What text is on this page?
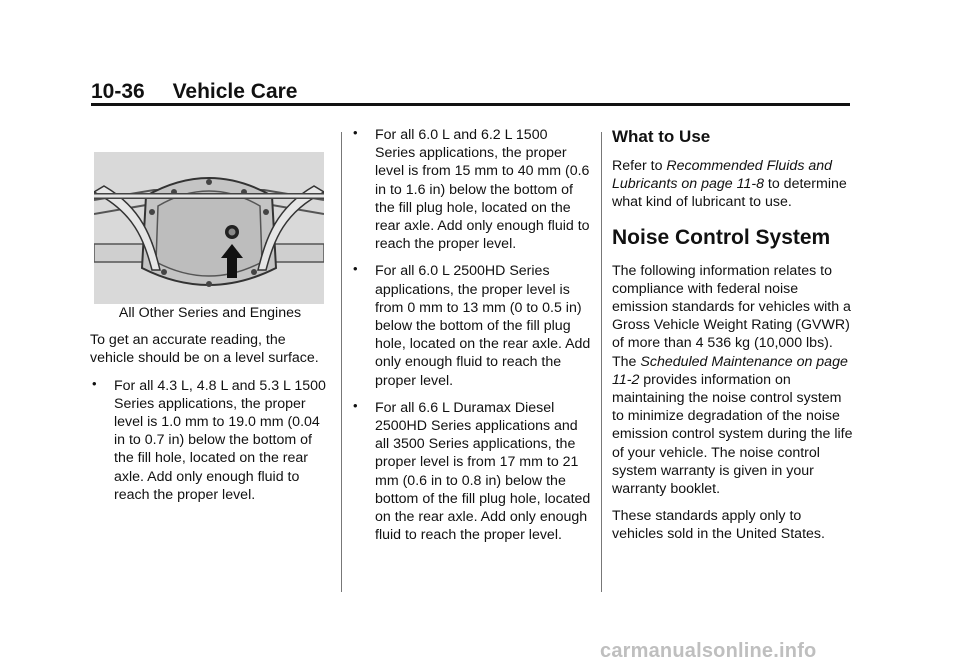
10-36 Vehicle Care

All Other Series and Engines

To get an accurate reading, the vehicle should be on a level surface.

• For all 4.3 L, 4.8 L and 5.3 L 1500 Series applications, the proper level is 1.0 mm to 19.0 mm (0.04 in to 0.7 in) below the bottom of the fill hole, located on the rear axle. Add only enough fluid to reach the proper level.
• For all 6.0 L and 6.2 L 1500 Series applications, the proper level is from 15 mm to 40 mm (0.6 in to 1.6 in) below the bottom of the fill plug hole, located on the rear axle. Add only enough fluid to reach the proper level.
• For all 6.0 L 2500HD Series applications, the proper level is from 0 mm to 13 mm (0 to 0.5 in) below the bottom of the fill plug hole, located on the rear axle. Add only enough fluid to reach the proper level.
• For all 6.6 L Duramax Diesel 2500HD Series applications and all 3500 Series applications, the proper level is from 17 mm to 21 mm (0.6 in to 0.8 in) below the bottom of the fill plug hole, located on the rear axle. Add only enough fluid to reach the proper level.
What to Use

Refer to Recommended Fluids and Lubricants on page 11-8 to determine what kind of lubricant to use.

Noise Control System

The following information relates to compliance with federal noise emission standards for vehicles with a Gross Vehicle Weight Rating (GVWR) of more than 4 536 kg (10,000 lbs). The Scheduled Maintenance on page 11-2 provides information on maintaining the noise control system to minimize degradation of the noise emission control system during the life of your vehicle. The noise control system warranty is given in your warranty booklet.

These standards apply only to vehicles sold in the United States.

carmanualsonline.info
